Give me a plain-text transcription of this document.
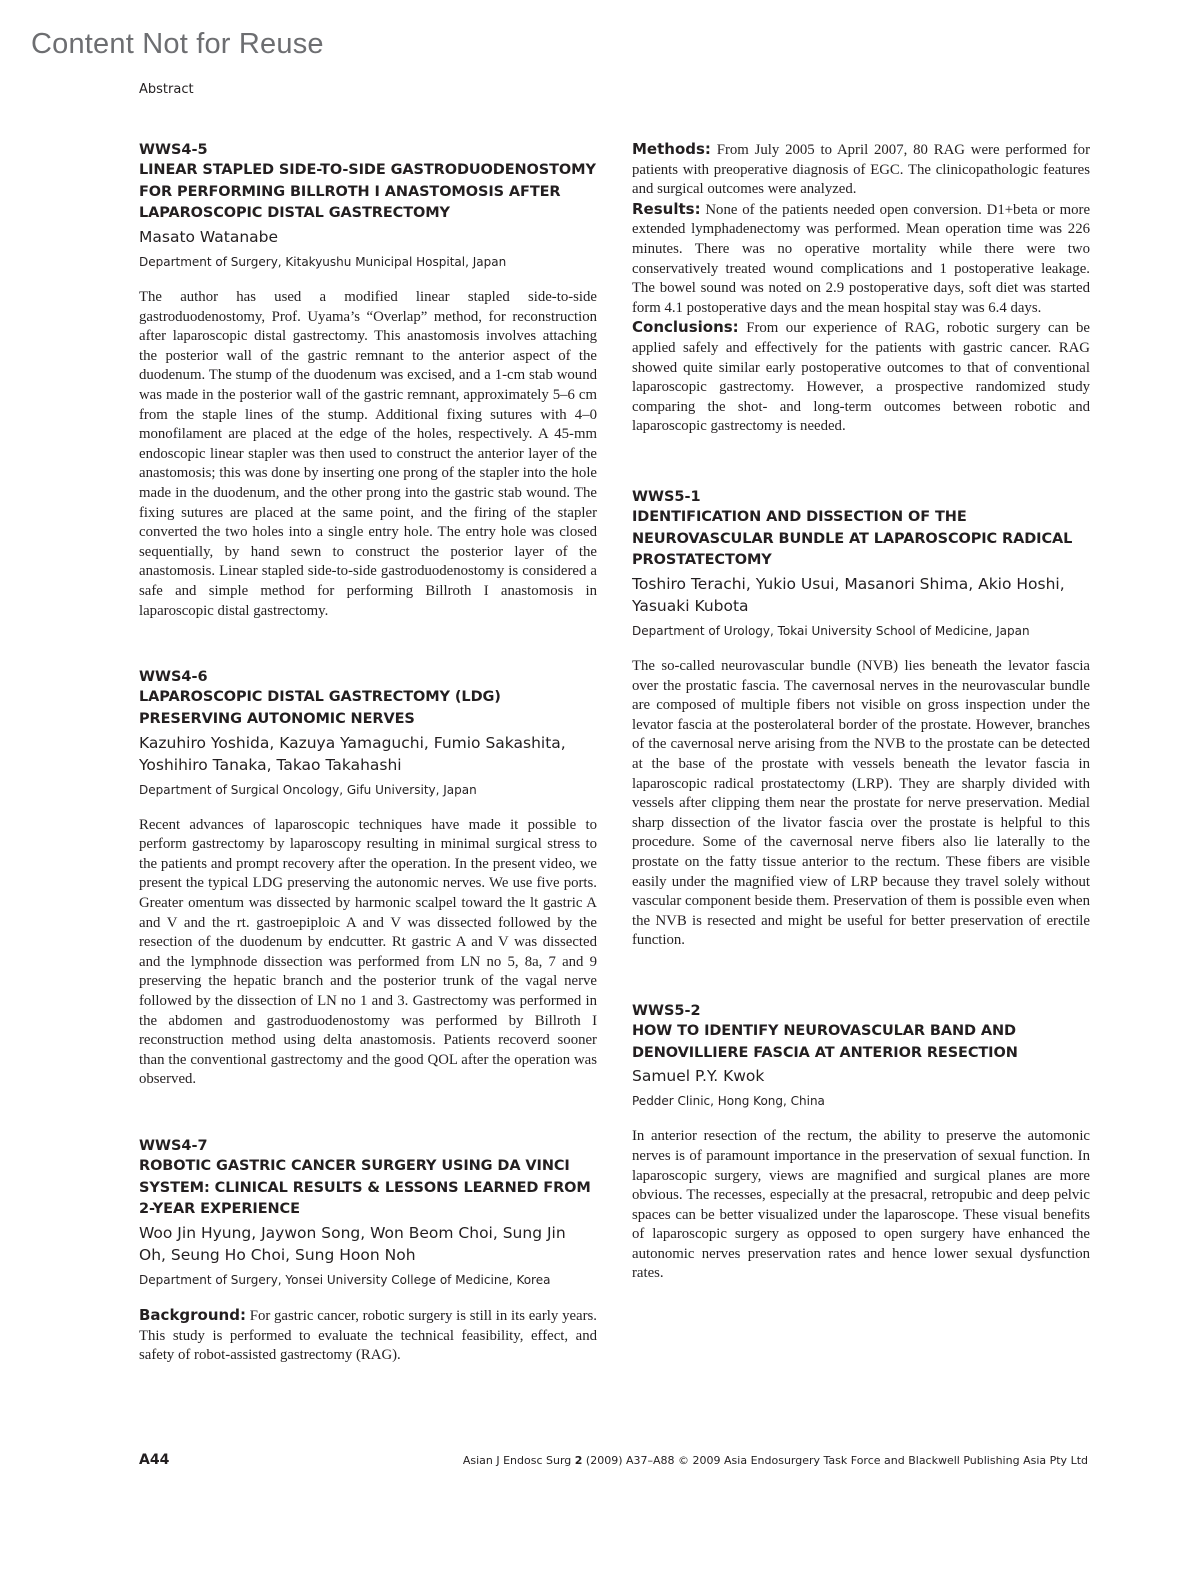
Content Not for Reuse
Abstract

WWS4-5

LINEAR STAPLED SIDE-TO-SIDE GASTRODUODENOSTOMY FOR PERFORMING BILLROTH I ANASTOMOSIS AFTER LAPAROSCOPIC DISTAL GASTRECTOMY

Masato Watanabe

Department of Surgery, Kitakyushu Municipal Hospital, Japan

The author has used a modified linear stapled side-to-side gastroduodenostomy, Prof. Uyama’s “Overlap” method, for reconstruction after laparoscopic distal gastrectomy. This anastomosis involves attaching the posterior wall of the gastric remnant to the anterior aspect of the duodenum. The stump of the duodenum was excised, and a 1-cm stab wound was made in the posterior wall of the gastric remnant, approximately 5–6 cm from the staple lines of the stump. Additional fixing sutures with 4–0 monofilament are placed at the edge of the holes, respectively. A 45-mm endoscopic linear stapler was then used to construct the anterior layer of the anastomosis; this was done by inserting one prong of the stapler into the hole made in the duodenum, and the other prong into the gastric stab wound. The fixing sutures are placed at the same point, and the firing of the stapler converted the two holes into a single entry hole. The entry hole was closed sequentially, by hand sewn to construct the posterior layer of the anastomosis. Linear stapled side-to-side gastroduodenostomy is considered a safe and simple method for performing Billroth I anastomosis in laparoscopic distal gastrectomy.

WWS4-6

LAPAROSCOPIC DISTAL GASTRECTOMY (LDG) PRESERVING AUTONOMIC NERVES

Kazuhiro Yoshida, Kazuya Yamaguchi, Fumio Sakashita, Yoshihiro Tanaka, Takao Takahashi

Department of Surgical Oncology, Gifu University, Japan

Recent advances of laparoscopic techniques have made it possible to perform gastrectomy by laparoscopy resulting in minimal surgical stress to the patients and prompt recovery after the operation. In the present video, we present the typical LDG preserving the autonomic nerves. We use five ports. Greater omentum was dissected by harmonic scalpel toward the lt gastric A and V and the rt. gastroepiploic A and V was dissected followed by the resection of the duodenum by endcutter. Rt gastric A and V was dissected and the lymphnode dissection was performed from LN no 5, 8a, 7 and 9 preserving the hepatic branch and the posterior trunk of the vagal nerve followed by the dissection of LN no 1 and 3. Gastrectomy was performed in the abdomen and gastroduodenostomy was performed by Billroth I reconstruction method using delta anastomosis. Patients recoverd sooner than the conventional gastrectomy and the good QOL after the operation was observed.

WWS4-7

ROBOTIC GASTRIC CANCER SURGERY USING DA VINCI SYSTEM: CLINICAL RESULTS & LESSONS LEARNED FROM 2-YEAR EXPERIENCE

Woo Jin Hyung, Jaywon Song, Won Beom Choi, Sung Jin Oh, Seung Ho Choi, Sung Hoon Noh

Department of Surgery, Yonsei University College of Medicine, Korea

Background: For gastric cancer, robotic surgery is still in its early years. This study is performed to evaluate the technical feasibility, effect, and safety of robot-assisted gastrectomy (RAG).

Methods: From July 2005 to April 2007, 80 RAG were performed for patients with preoperative diagnosis of EGC. The clinicopathologic features and surgical outcomes were analyzed.

Results: None of the patients needed open conversion. D1+beta or more extended lymphadenectomy was performed. Mean operation time was 226 minutes. There was no operative mortality while there were two conservatively treated wound complications and 1 postoperative leakage. The bowel sound was noted on 2.9 postoperative days, soft diet was started form 4.1 postoperative days and the mean hospital stay was 6.4 days.

Conclusions: From our experience of RAG, robotic surgery can be applied safely and effectively for the patients with gastric cancer. RAG showed quite similar early postoperative outcomes to that of conventional laparoscopic gastrectomy. However, a prospective randomized study comparing the shot- and long-term outcomes between robotic and laparoscopic gastrectomy is needed.

WWS5-1

IDENTIFICATION AND DISSECTION OF THE NEUROVASCULAR BUNDLE AT LAPAROSCOPIC RADICAL PROSTATECTOMY

Toshiro Terachi, Yukio Usui, Masanori Shima, Akio Hoshi, Yasuaki Kubota

Department of Urology, Tokai University School of Medicine, Japan

The so-called neurovascular bundle (NVB) lies beneath the levator fascia over the prostatic fascia. The cavernosal nerves in the neurovascular bundle are composed of multiple fibers not visible on gross inspection under the levator fascia at the posterolateral border of the prostate. However, branches of the cavernosal nerve arising from the NVB to the prostate can be detected at the base of the prostate with vessels beneath the levator fascia in laparoscopic radical prostatectomy (LRP). They are sharply divided with vessels after clipping them near the prostate for nerve preservation. Medial sharp dissection of the livator fascia over the prostate is helpful to this procedure. Some of the cavernosal nerve fibers also lie laterally to the prostate on the fatty tissue anterior to the rectum. These fibers are visible easily under the magnified view of LRP because they travel solely without vascular component beside them. Preservation of them is possible even when the NVB is resected and might be useful for better preservation of erectile function.

WWS5-2

HOW TO IDENTIFY NEUROVASCULAR BAND AND DENOVILLIERE FASCIA AT ANTERIOR RESECTION

Samuel P.Y. Kwok

Pedder Clinic, Hong Kong, China

In anterior resection of the rectum, the ability to preserve the automonic nerves is of paramount importance in the preservation of sexual function. In laparoscopic surgery, views are magnified and surgical planes are more obvious. The recesses, especially at the presacral, retropubic and deep pelvic spaces can be better visualized under the laparoscope. These visual benefits of laparoscopic surgery as opposed to open surgery have enhanced the autonomic nerves preservation rates and hence lower sexual dysfunction rates.

A44	Asian J Endosc Surg 2 (2009) A37–A88 © 2009 Asia Endosurgery Task Force and Blackwell Publishing Asia Pty Ltd
